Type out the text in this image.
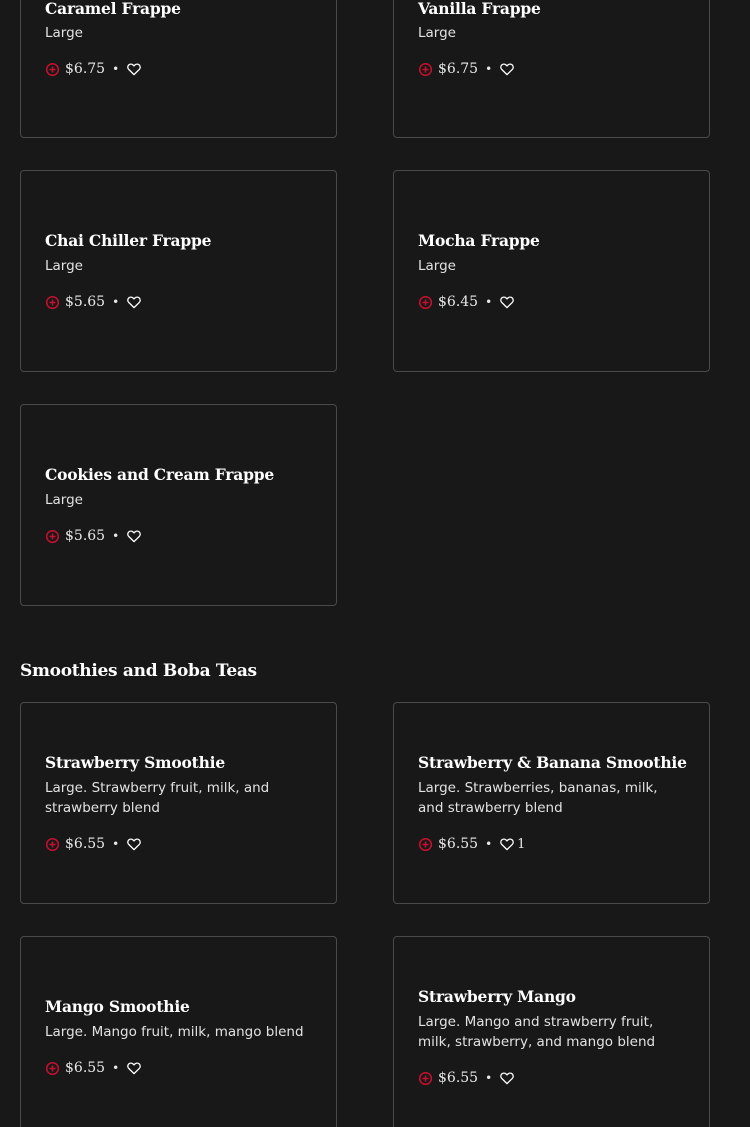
Caramel Frappe
Large
$6.75 •
Vanilla Frappe
Large
$6.75 •
Chai Chiller Frappe
Large
$5.65 •
Mocha Frappe
Large
$6.45 •
Cookies and Cream Frappe
Large
$5.65 •
Smoothies and Boba Teas
Strawberry Smoothie
Large. Strawberry fruit, milk, and strawberry blend
$6.55 •
Strawberry & Banana Smoothie
Large. Strawberries, bananas, milk, and strawberry blend
$6.55 • 1
Mango Smoothie
Large. Mango fruit, milk, mango blend
$6.55 •
Strawberry Mango
Large. Mango and strawberry fruit, milk, strawberry, and mango blend
$6.55 •
